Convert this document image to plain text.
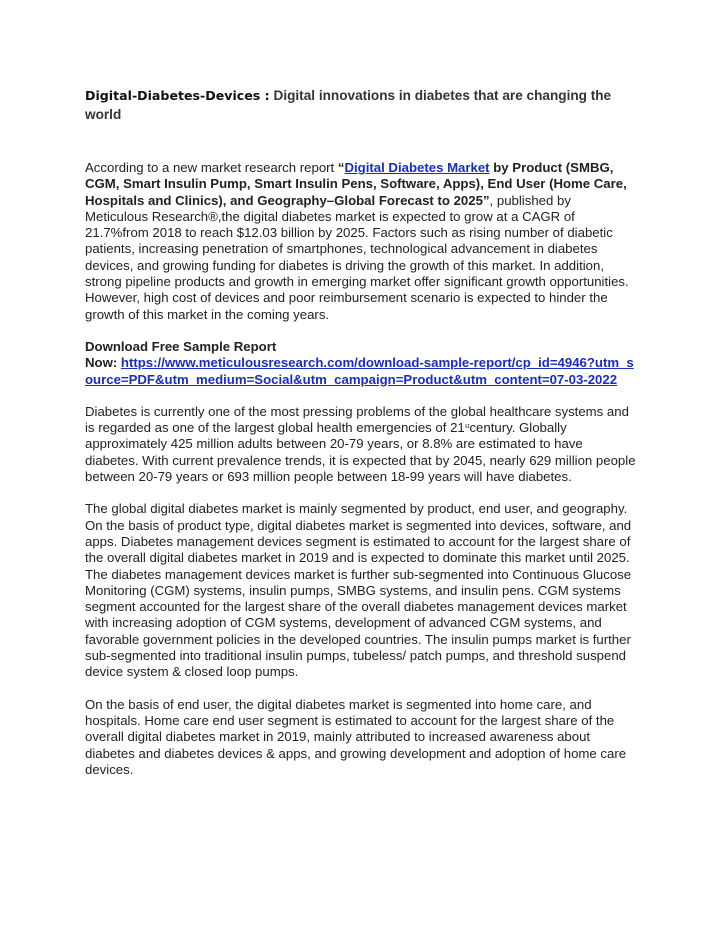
Digital-Diabetes-Devices : Digital innovations in diabetes that are changing the world

According to a new market research report “Digital Diabetes Market by Product (SMBG, CGM, Smart Insulin Pump, Smart Insulin Pens, Software, Apps), End User (Home Care, Hospitals and Clinics), and Geography–Global Forecast to 2025”, published by Meticulous Research®,the digital diabetes market is expected to grow at a CAGR of 21.7%from 2018 to reach $12.03 billion by 2025. Factors such as rising number of diabetic patients, increasing penetration of smartphones, technological advancement in diabetes devices, and growing funding for diabetes is driving the growth of this market. In addition, strong pipeline products and growth in emerging market offer significant growth opportunities. However, high cost of devices and poor reimbursement scenario is expected to hinder the growth of this market in the coming years.

Download Free Sample Report
Now: https://www.meticulousresearch.com/download-sample-report/cp_id=4946?utm_source=PDF&utm_medium=Social&utm_campaign=Product&utm_content=07-03-2022

Diabetes is currently one of the most pressing problems of the global healthcare systems and is regarded as one of the largest global health emergencies of 21stcentury. Globally approximately 425 million adults between 20-79 years, or 8.8% are estimated to have diabetes. With current prevalence trends, it is expected that by 2045, nearly 629 million people between 20-79 years or 693 million people between 18-99 years will have diabetes.

The global digital diabetes market is mainly segmented by product, end user, and geography. On the basis of product type, digital diabetes market is segmented into devices, software, and apps. Diabetes management devices segment is estimated to account for the largest share of the overall digital diabetes market in 2019 and is expected to dominate this market until 2025. The diabetes management devices market is further sub-segmented into Continuous Glucose Monitoring (CGM) systems, insulin pumps, SMBG systems, and insulin pens. CGM systems segment accounted for the largest share of the overall diabetes management devices market with increasing adoption of CGM systems, development of advanced CGM systems, and favorable government policies in the developed countries. The insulin pumps market is further sub-segmented into traditional insulin pumps, tubeless/ patch pumps, and threshold suspend device system & closed loop pumps.

On the basis of end user, the digital diabetes market is segmented into home care, and hospitals. Home care end user segment is estimated to account for the largest share of the overall digital diabetes market in 2019, mainly attributed to increased awareness about diabetes and diabetes devices & apps, and growing development and adoption of home care devices.
